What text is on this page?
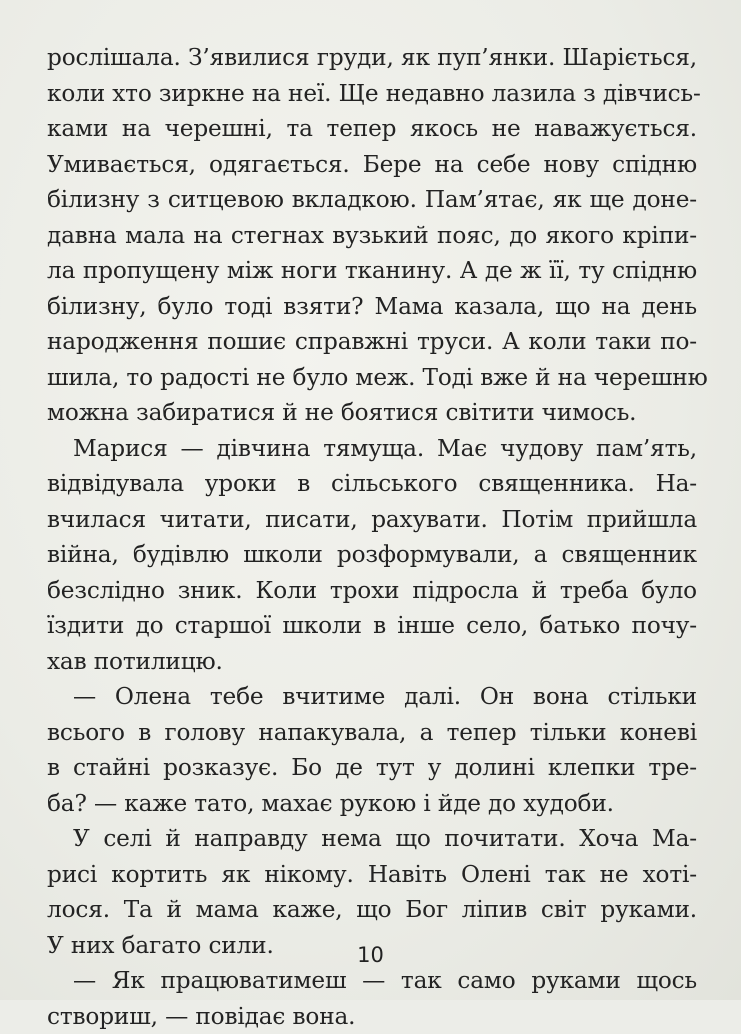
рослішала. З’явилися груди, як пуп’янки. Шаріється,
коли хто зиркне на неї. Ще недавно лазила з дівчись-
ками на черешні, та тепер якось не наважується.
Умивається, одягається. Бере на себе нову спідню
білизну з ситцевою вкладкою. Пам’ятає, як ще доне-
давна мала на стегнах вузький пояс, до якого кріпи-
ла пропущену між ноги тканину. А де ж її, ту спідню
білизну, було тоді взяти? Мама казала, що на день
народження пошиє справжні труси. А коли таки по-
шила, то радості не було меж. Тоді вже й на черешню
можна забиратися й не боятися світити чимось.
Марися — дівчина тямуща. Має чудову пам’ять,
відвідувала уроки в сільського священника. На-
вчилася читати, писати, рахувати. Потім прийшла
війна, будівлю школи розформували, а священник
безслідно зник. Коли трохи підросла й треба було
їздити до старшої школи в інше село, батько почу-
хав потилицю.
— Олена тебе вчитиме далі. Он вона стільки
всього в голову напакувала, а тепер тільки коневі
в стайні розказує. Бо де тут у долині клепки тре-
ба? — каже тато, махає рукою і йде до худоби.
У селі й направду нема що почитати. Хоча Ма-
рисі кортить як нікому. Навіть Олені так не хоті-
лося. Та й мама каже, що Бог ліпив світ руками.
У них багато сили.
— Як працюватимеш — так само руками щось
створиш, — повідає вона.
10
